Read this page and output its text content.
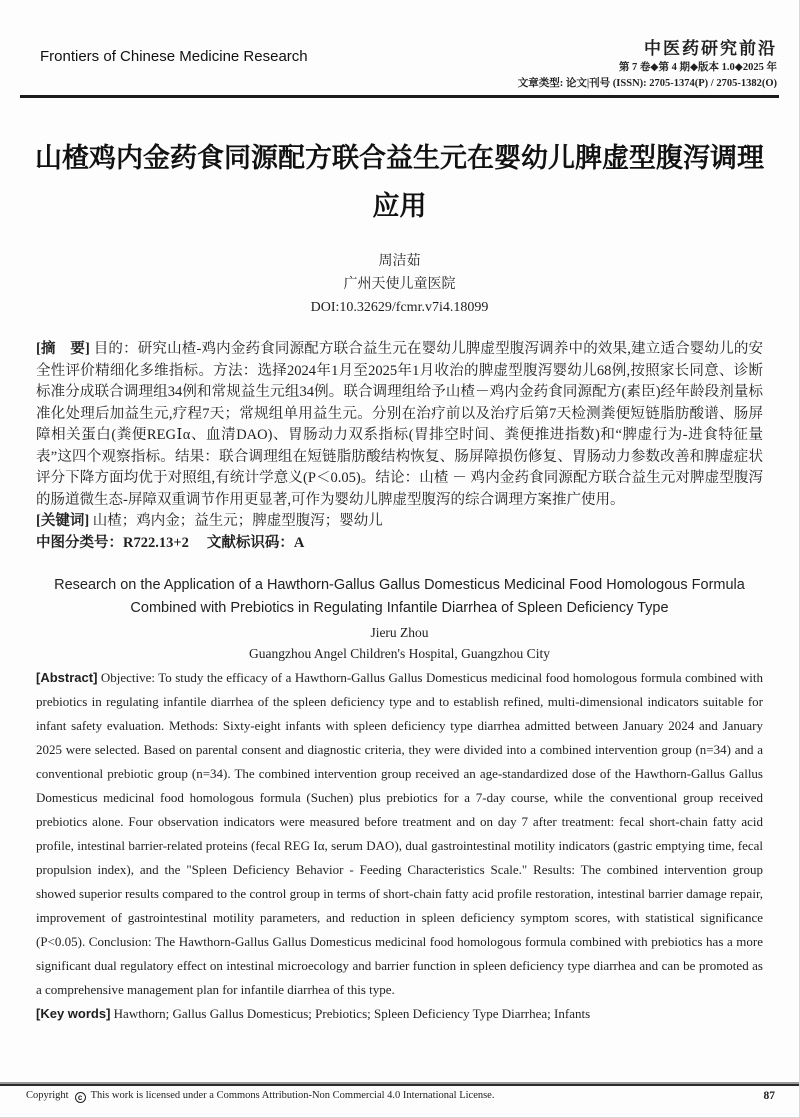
Frontiers of Chinese Medicine Research	中医药研究前沿
第 7 卷◆第 4 期◆版本 1.0◆2025 年
文章类型: 论文|刊号 (ISSN): 2705-1374(P) / 2705-1382(O)
山楂鸡内金药食同源配方联合益生元在婴幼儿脾虚型腹泻调理
应用
周洁茹
广州天使儿童医院
DOI:10.32629/fcmr.v7i4.18099

[摘　要] 目的：研究山楂-鸡内金药食同源配方联合益生元在婴幼儿脾虚型腹泻调养中的效果,建立适合婴幼儿的安全性评价精细化多维指标。方法：选择2024年1月至2025年1月收治的脾虚型腹泻婴幼儿68例,按照家长同意、诊断标准分成联合调理组34例和常规益生元组34例。联合调理组给予山楂－鸡内金药食同源配方(素臣)经年龄段剂量标准化处理后加益生元,疗程7天；常规组单用益生元。分别在治疗前以及治疗后第7天检测粪便短链脂肪酸谱、肠屏障相关蛋白(粪便REGⅠα、血清DAO)、胃肠动力双系指标(胃排空时间、粪便推进指数)和“脾虚行为-进食特征量表”这四个观察指标。结果：联合调理组在短链脂肪酸结构恢复、肠屏障损伤修复、胃肠动力参数改善和脾虚症状评分下降方面均优于对照组,有统计学意义(P＜0.05)。结论：山楂 － 鸡内金药食同源配方联合益生元对脾虚型腹泻的肠道微生态-屏障双重调节作用更显著,可作为婴幼儿脾虚型腹泻的综合调理方案推广使用。

[关键词] 山楂；鸡内金；益生元；脾虚型腹泻；婴幼儿

中图分类号：R722.13+2 文献标识码：A

Research on the Application of a Hawthorn-Gallus Gallus Domesticus Medicinal Food Homologous Formula Combined with Prebiotics in Regulating Infantile Diarrhea of Spleen Deficiency Type
Jieru Zhou
Guangzhou Angel Children's Hospital, Guangzhou City

[Abstract] Objective: To study the efficacy of a Hawthorn-Gallus Gallus Domesticus medicinal food homologous formula combined with prebiotics in regulating infantile diarrhea of the spleen deficiency type and to establish refined, multi-dimensional indicators suitable for infant safety evaluation. Methods: Sixty-eight infants with spleen deficiency type diarrhea admitted between January 2024 and January 2025 were selected. Based on parental consent and diagnostic criteria, they were divided into a combined intervention group (n=34) and a conventional prebiotic group (n=34). The combined intervention group received an age-standardized dose of the Hawthorn-Gallus Gallus Domesticus medicinal food homologous formula (Suchen) plus prebiotics for a 7-day course, while the conventional group received prebiotics alone. Four observation indicators were measured before treatment and on day 7 after treatment: fecal short-chain fatty acid profile, intestinal barrier-related proteins (fecal REG Iα, serum DAO), dual gastrointestinal motility indicators (gastric emptying time, fecal propulsion index), and the "Spleen Deficiency Behavior - Feeding Characteristics Scale." Results: The combined intervention group showed superior results compared to the control group in terms of short-chain fatty acid profile restoration, intestinal barrier damage repair, improvement of gastrointestinal motility parameters, and reduction in spleen deficiency symptom scores, with statistical significance (P<0.05). Conclusion: The Hawthorn-Gallus Gallus Domesticus medicinal food homologous formula combined with prebiotics has a more significant dual regulatory effect on intestinal microecology and barrier function in spleen deficiency type diarrhea and can be promoted as a comprehensive management plan for infantile diarrhea of this type.

[Key words] Hawthorn; Gallus Gallus Domesticus; Prebiotics; Spleen Deficiency Type Diarrhea; Infants

Copyright c This work is licensed under a Commons Attribution-Non Commercial 4.0 International License.	87
